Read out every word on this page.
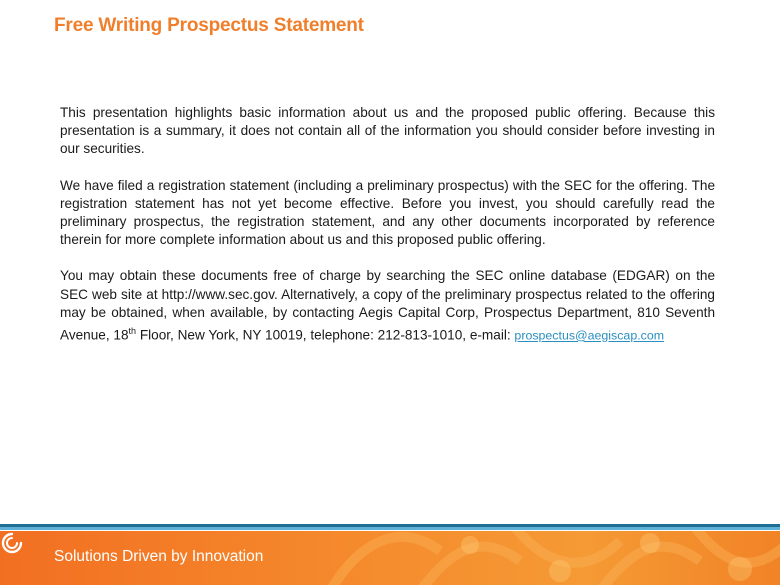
Free Writing Prospectus Statement

This presentation highlights basic information about us and the proposed public offering. Because this presentation is a summary, it does not contain all of the information you should consider before investing in our securities.

We have filed a registration statement (including a preliminary prospectus) with the SEC for the offering. The registration statement has not yet become effective. Before you invest, you should carefully read the preliminary prospectus, the registration statement, and any other documents incorporated by reference therein for more complete information about us and this proposed public offering.

You may obtain these documents free of charge by searching the SEC online database (EDGAR) on the SEC web site at http://www.sec.gov. Alternatively, a copy of the preliminary prospectus related to the offering may be obtained, when available, by contacting Aegis Capital Corp, Prospectus Department, 810 Seventh Avenue, 18th Floor, New York, NY 10019, telephone: 212-813-1010, e-mail: prospectus@aegiscap.com

Solutions Driven by Innovation
